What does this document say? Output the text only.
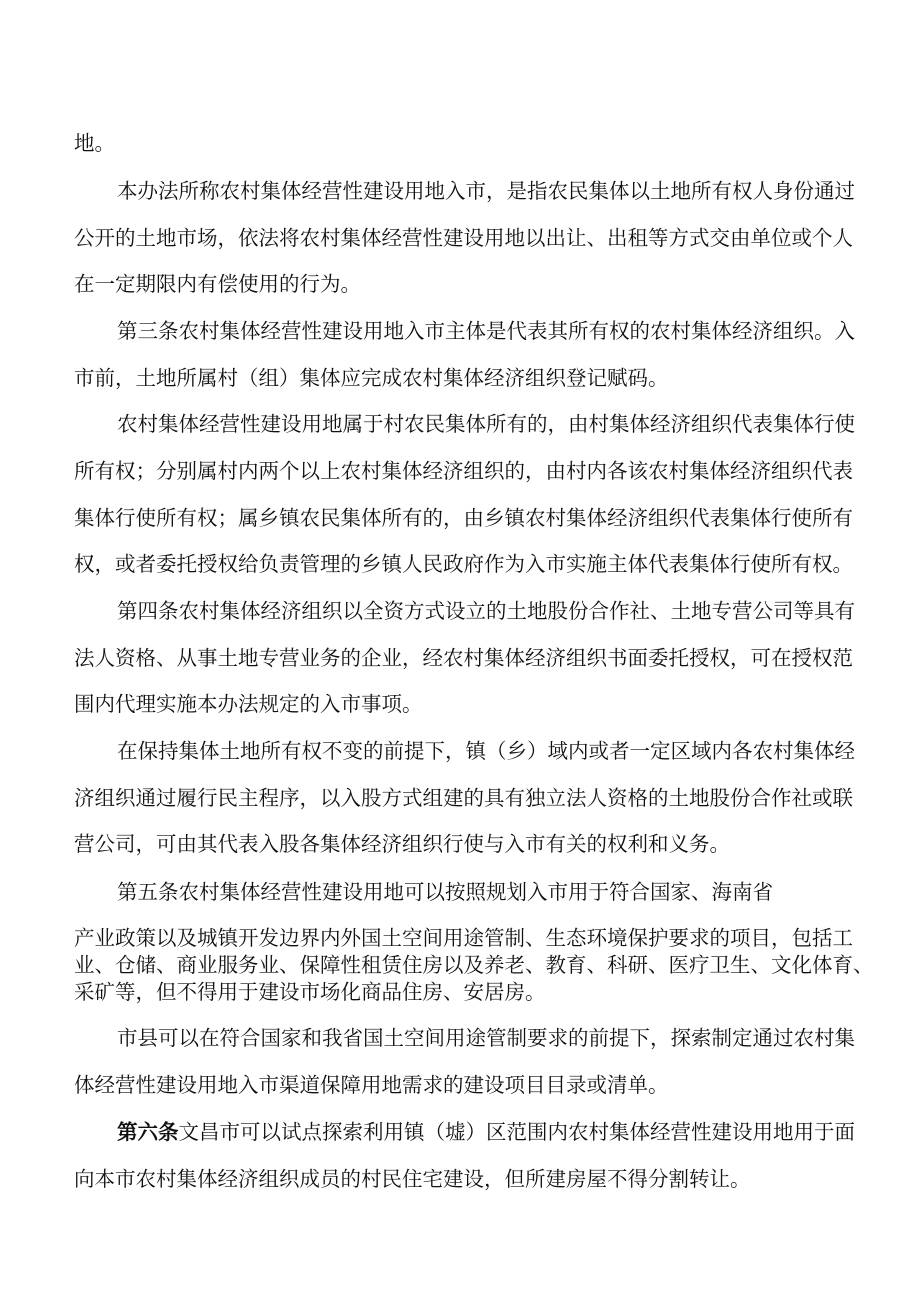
地。
本办法所称农村集体经营性建设用地入市，是指农民集体以土地所有权人身份通过
公开的土地市场，依法将农村集体经营性建设用地以出让、出租等方式交由单位或个人
在一定期限内有偿使用的行为。
第三条农村集体经营性建设用地入市主体是代表其所有权的农村集体经济组织。入
市前，土地所属村（组）集体应完成农村集体经济组织登记赋码。
农村集体经营性建设用地属于村农民集体所有的，由村集体经济组织代表集体行使
所有权；分别属村内两个以上农村集体经济组织的，由村内各该农村集体经济组织代表
集体行使所有权；属乡镇农民集体所有的，由乡镇农村集体经济组织代表集体行使所有
权，或者委托授权给负责管理的乡镇人民政府作为入市实施主体代表集体行使所有权。
第四条农村集体经济组织以全资方式设立的土地股份合作社、土地专营公司等具有
法人资格、从事土地专营业务的企业，经农村集体经济组织书面委托授权，可在授权范
围内代理实施本办法规定的入市事项。
在保持集体土地所有权不变的前提下，镇（乡）域内或者一定区域内各农村集体经
济组织通过履行民主程序，以入股方式组建的具有独立法人资格的土地股份合作社或联
营公司，可由其代表入股各集体经济组织行使与入市有关的权利和义务。
第五条农村集体经营性建设用地可以按照规划入市用于符合国家、海南省
产业政策以及城镇开发边界内外国土空间用途管制、生态环境保护要求的项目，包括工
业、仓储、商业服务业、保障性租赁住房以及养老、教育、科研、医疗卫生、文化体育、
采矿等，但不得用于建设市场化商品住房、安居房。
市县可以在符合国家和我省国土空间用途管制要求的前提下，探索制定通过农村集
体经营性建设用地入市渠道保障用地需求的建设项目目录或清单。
第六条文昌市可以试点探索利用镇（墟）区范围内农村集体经营性建设用地用于面
向本市农村集体经济组织成员的村民住宅建设，但所建房屋不得分割转让。
